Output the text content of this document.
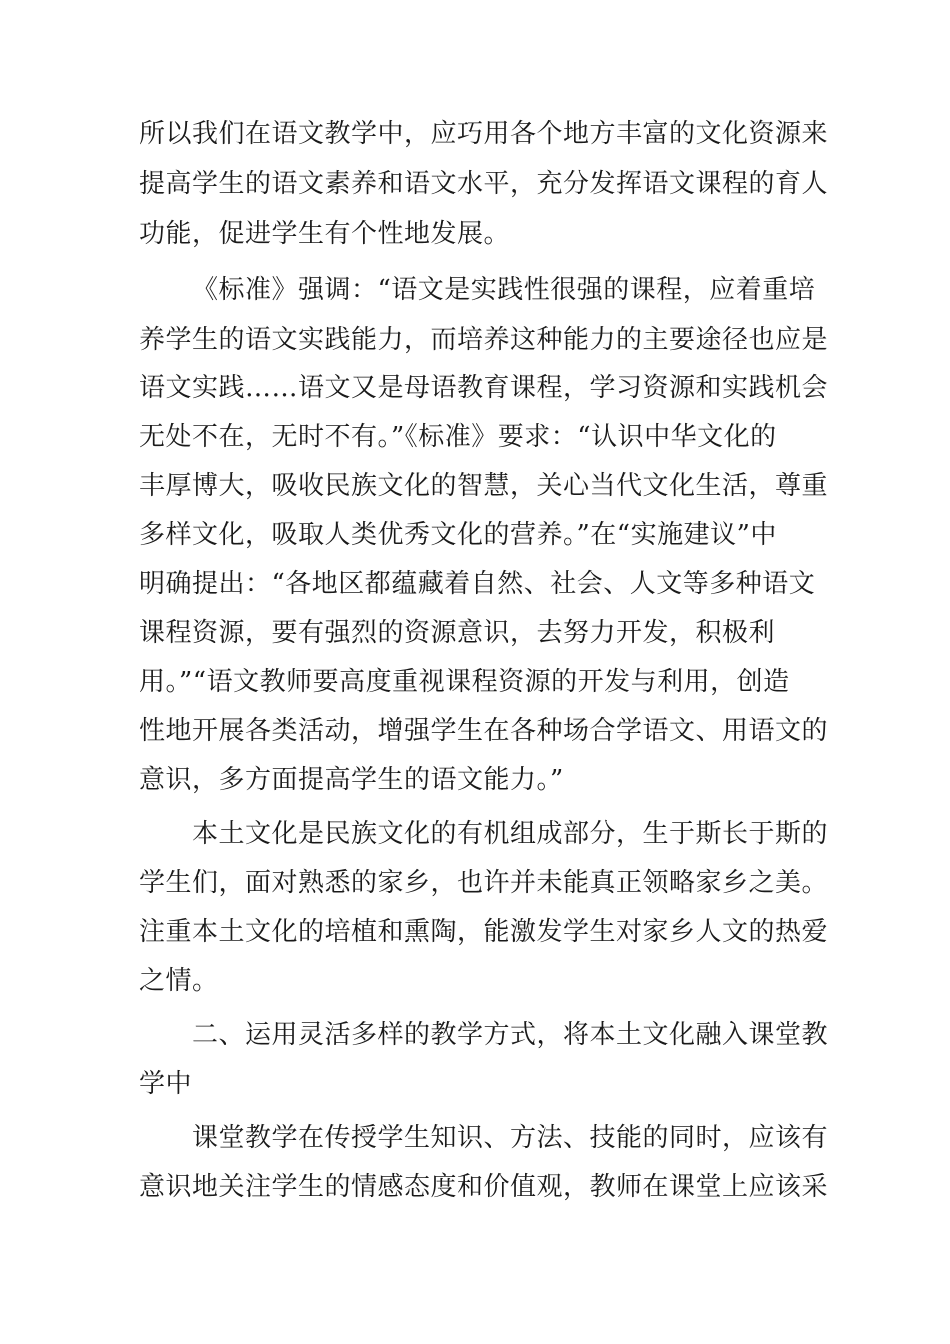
所以我们在语文教学中，应巧用各个地方丰富的文化资源来
提高学生的语文素养和语文水平，充分发挥语文课程的育人
功能，促进学生有个性地发展。
《标准》强调：“语文是实践性很强的课程，应着重培
养学生的语文实践能力，而培养这种能力的主要途径也应是
语文实践……语文又是母语教育课程，学习资源和实践机会
无处不在，无时不有。”《标准》要求：“认识中华文化的
丰厚博大，吸收民族文化的智慧，关心当代文化生活，尊重
多样文化，吸取人类优秀文化的营养。”在“实施建议”中
明确提出：“各地区都蕴藏着自然、社会、人文等多种语文
课程资源，要有强烈的资源意识，去努力开发，积极利
用。”“语文教师要高度重视课程资源的开发与利用，创造
性地开展各类活动，增强学生在各种场合学语文、用语文的
意识，多方面提高学生的语文能力。”
本土文化是民族文化的有机组成部分，生于斯长于斯的
学生们，面对熟悉的家乡，也许并未能真正领略家乡之美。
注重本土文化的培植和熏陶，能激发学生对家乡人文的热爱
之情。
二、运用灵活多样的教学方式，将本土文化融入课堂教
学中
课堂教学在传授学生知识、方法、技能的同时，应该有
意识地关注学生的情感态度和价值观，教师在课堂上应该采
